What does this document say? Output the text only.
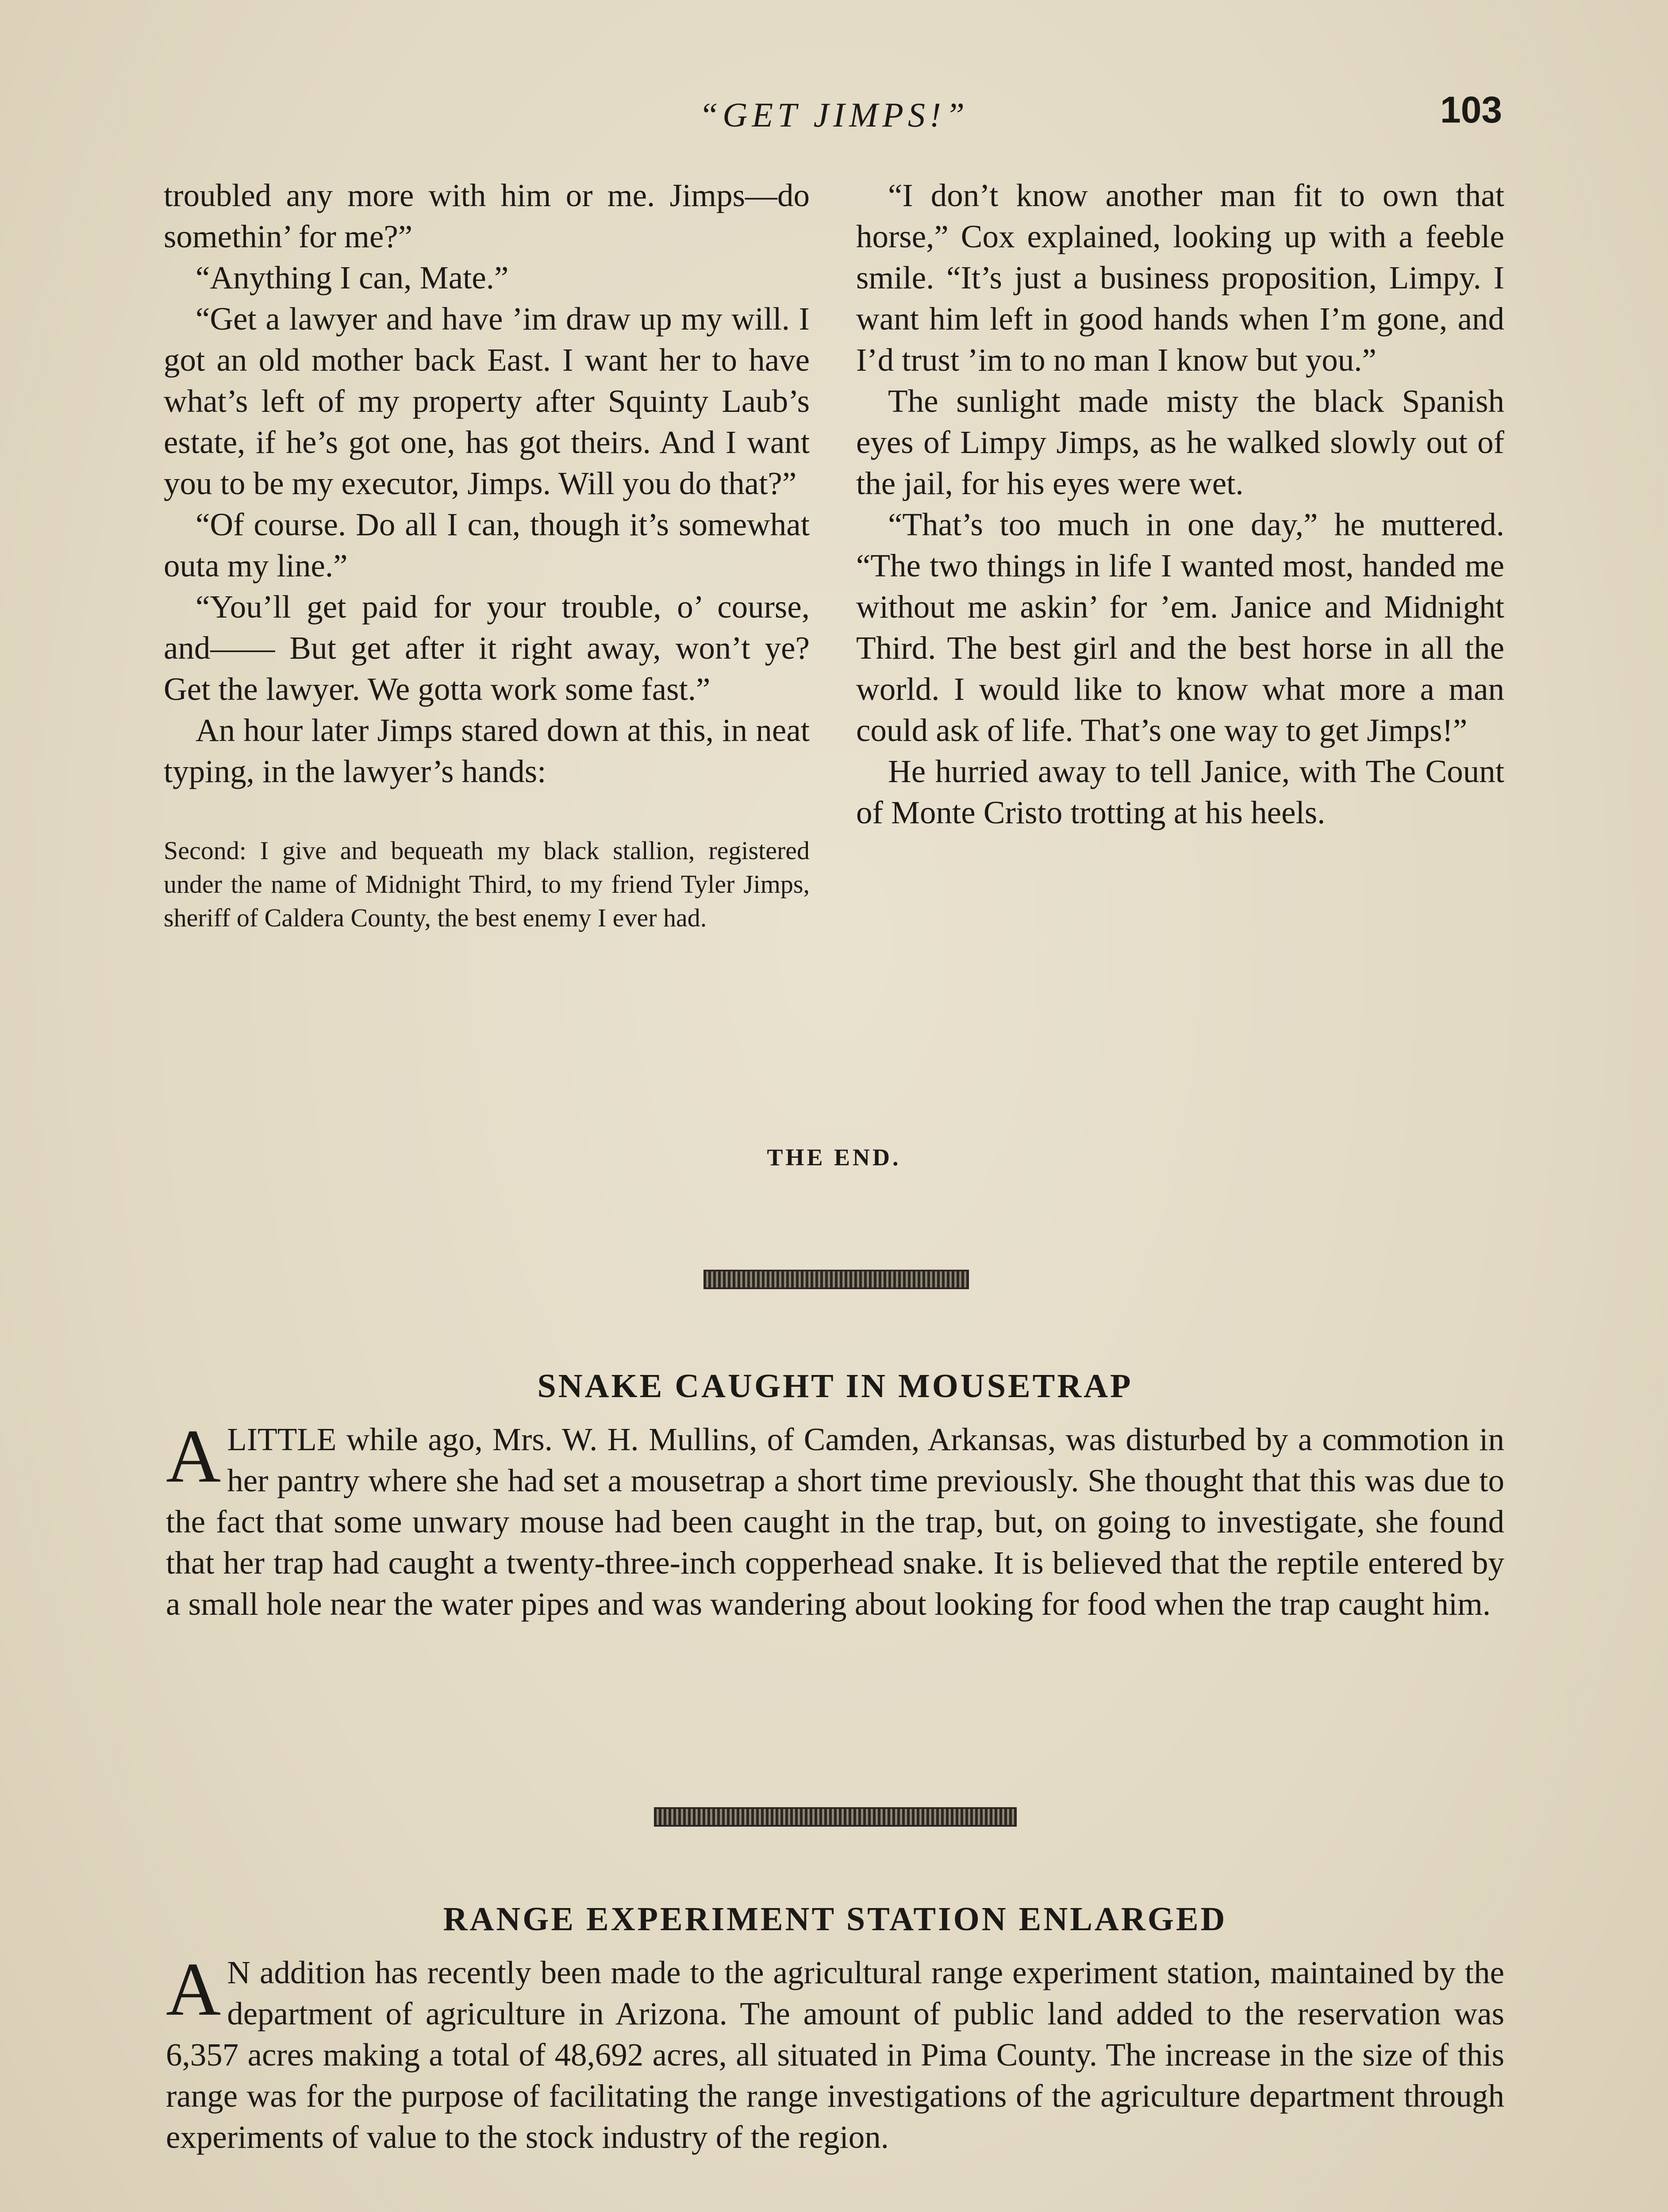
“GET JIMPS!”	103

troubled any more with him or me. Jimps—do somethin’ for me?”

“Anything I can, Mate.”

“Get a lawyer and have ’im draw up my will. I got an old mother back East. I want her to have what’s left of my property after Squinty Laub’s estate, if he’s got one, has got theirs. And I want you to be my executor, Jimps. Will you do that?”

“Of course. Do all I can, though it’s somewhat outa my line.”

“You’ll get paid for your trouble, o’ course, and—— But get after it right away, won’t ye? Get the lawyer. We gotta work some fast.”

An hour later Jimps stared down at this, in neat typing, in the lawyer’s hands:

Second: I give and bequeath my black stallion, registered under the name of Midnight Third, to my friend Tyler Jimps, sheriff of Caldera County, the best enemy I ever had.

“I don’t know another man fit to own that horse,” Cox explained, looking up with a feeble smile. “It’s just a business proposition, Limpy. I want him left in good hands when I’m gone, and I’d trust ’im to no man I know but you.”

The sunlight made misty the black Spanish eyes of Limpy Jimps, as he walked slowly out of the jail, for his eyes were wet.

“That’s too much in one day,” he muttered. “The two things in life I wanted most, handed me without me askin’ for ’em. Janice and Midnight Third. The best girl and the best horse in all the world. I would like to know what more a man could ask of life. That’s one way to get Jimps!”

He hurried away to tell Janice, with The Count of Monte Cristo trotting at his heels.

THE END.
SNAKE CAUGHT IN MOUSETRAP

ALITTLE while ago, Mrs. W. H. Mullins, of Camden, Arkansas, was disturbed by a commotion in her pantry where she had set a mousetrap a short time previously. She thought that this was due to the fact that some unwary mouse had been caught in the trap, but, on going to investigate, she found that her trap had caught a twenty-three-inch copperhead snake. It is believed that the reptile entered by a small hole near the water pipes and was wandering about looking for food when the trap caught him.

RANGE EXPERIMENT STATION ENLARGED

A N addition has recently been made to the agricultural range experiment station, maintained by the department of agriculture in Arizona. The amount of public land added to the reservation was 6,357 acres making a total of 48,692 acres, all situated in Pima County. The increase in the size of this range was for the purpose of facilitating the range investigations of the agriculture department through experiments of value to the stock industry of the region.
